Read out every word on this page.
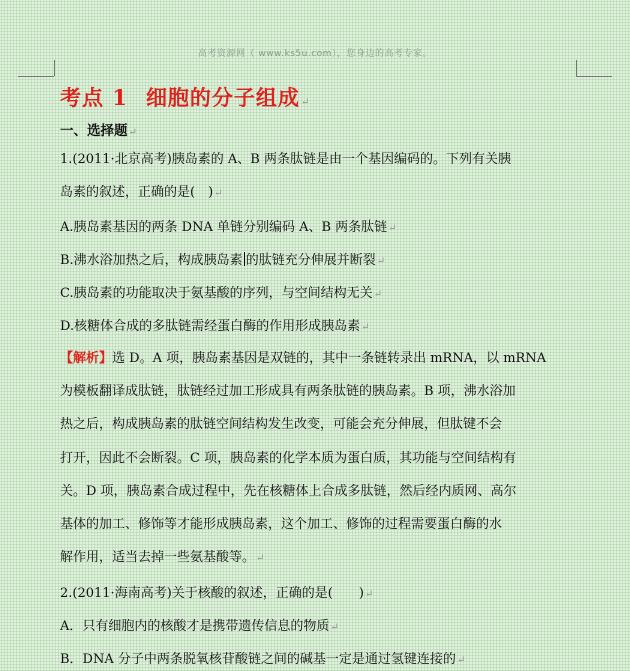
高考资源网（ www.ks5u.com），您身边的高考专家。
考点 1 细胞的分子组成↵
一、选择题↵
1.(2011·北京高考)胰岛素的 A、B 两条肽链是由一个基因编码的。下列有关胰
岛素的叙述，正确的是(　)↵
A.胰岛素基因的两条 DNA 单链分别编码 A、B 两条肽链↵
B.沸水浴加热之后，构成胰岛素 的肽链充分伸展并断裂↵
C.胰岛素的功能取决于氨基酸的序列，与空间结构无关↵
D.核糖体合成的多肽链需经蛋白酶的作用形成胰岛素↵
【解析】选 D。A 项，胰岛素基因是双链的，其中一条链转录出 mRNA，以 mRNA
为模板翻译成肽链，肽链经过加工形成具有两条肽链的胰岛素。B 项，沸水浴加
热之后，构成胰岛素的肽链空间结构发生改变，可能会充分伸展，但肽键不会
打开，因此不会断裂。C 项，胰岛素的化学本质为蛋白质，其功能与空间结构有
关。D 项，胰岛素合成过程中，先在核糖体上合成多肽链，然后经内质网、高尔
基体的加工、修饰等才能形成胰岛素，这个加工、修饰的过程需要蛋白酶的水
解作用，适当去掉一些氨基酸等。↵
2.(2011·海南高考)关于核酸的叙述，正确的是(　　)↵
A．只有细胞内的核酸才是携带遗传信息的物质↵
B．DNA 分子中两条脱氧核苷酸链之间的碱基一定是通过氢键连接的↵
